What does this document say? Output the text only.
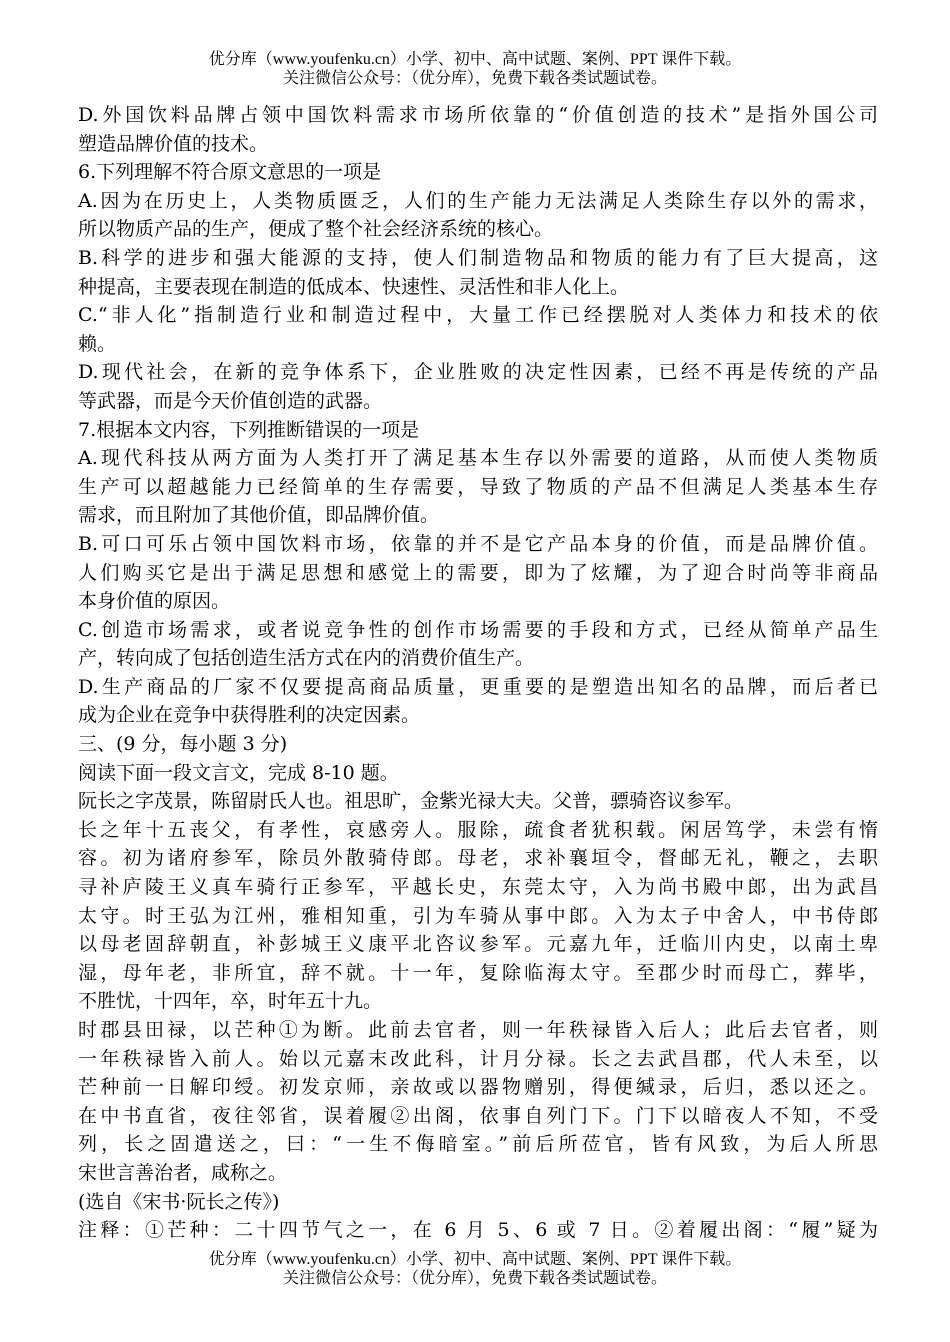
优分库（www.youfenku.cn）小学、初中、高中试题、案例、PPT 课件下载。
关注微信公众号：（优分库），免费下载各类试题试卷。
D.外国饮料品牌占领中国饮料需求市场所依靠的“价值创造的技术”是指外国公司
塑造品牌价值的技术。
6.下列理解不符合原文意思的一项是
A.因为在历史上，人类物质匮乏，人们的生产能力无法满足人类除生存以外的需求，
所以物质产品的生产，便成了整个社会经济系统的核心。
B.科学的进步和强大能源的支持，使人们制造物品和物质的能力有了巨大提高，这
种提高，主要表现在制造的低成本、快速性、灵活性和非人化上。
C.“非人化”指制造行业和制造过程中，大量工作已经摆脱对人类体力和技术的依
赖。
D.现代社会，在新的竞争体系下，企业胜败的决定性因素，已经不再是传统的产品
等武器，而是今天价值创造的武器。
7.根据本文内容，下列推断错误的一项是
A.现代科技从两方面为人类打开了满足基本生存以外需要的道路，从而使人类物质
生产可以超越能力已经简单的生存需要，导致了物质的产品不但满足人类基本生存
需求，而且附加了其他价值，即品牌价值。
B.可口可乐占领中国饮料市场，依靠的并不是它产品本身的价值，而是品牌价值。
人们购买它是出于满足思想和感觉上的需要，即为了炫耀，为了迎合时尚等非商品
本身价值的原因。
C.创造市场需求，或者说竞争性的创作市场需要的手段和方式，已经从简单产品生
产，转向成了包括创造生活方式在内的消费价值生产。
D.生产商品的厂家不仅要提高商品质量，更重要的是塑造出知名的品牌，而后者已
成为企业在竞争中获得胜利的决定因素。
三、(9 分，每小题 3 分)
阅读下面一段文言文，完成 8-10 题。
阮长之字茂景，陈留尉氏人也。祖思旷，金紫光禄大夫。父普，骠骑咨议参军。
长之年十五丧父，有孝性，哀感旁人。服除，疏食者犹积载。闲居笃学，未尝有惰
容。初为诸府参军，除员外散骑侍郎。母老，求补襄垣令，督邮无礼，鞭之，去职
寻补庐陵王义真车骑行正参军，平越长史，东莞太守，入为尚书殿中郎，出为武昌
太守。时王弘为江州，雅相知重，引为车骑从事中郎。入为太子中舍人，中书侍郎
以母老固辞朝直，补彭城王义康平北咨议参军。元嘉九年，迁临川内史，以南土卑
湿，母年老，非所宜，辞不就。十一年，复除临海太守。至郡少时而母亡，葬毕，
不胜忧，十四年，卒，时年五十九。
时郡县田禄，以芒种①为断。此前去官者，则一年秩禄皆入后人；此后去官者，则
一年秩禄皆入前人。始以元嘉末改此科，计月分禄。长之去武昌郡，代人未至，以
芒种前一日解印绶。初发京师，亲故或以器物赠别，得便缄录，后归，悉以还之。
在中书直省，夜往邻省，误着履②出阁，依事自列门下。门下以暗夜人不知，不受
列，长之固遣送之，曰：“一生不侮暗室。”前后所莅官，皆有风致，为后人所思
宋世言善治者，咸称之。
(选自《宋书·阮长之传》)
注释：①芒种：二十四节气之一，在 6 月 5、6 或 7 日。②着履出阁：“履”疑为
优分库（www.youfenku.cn）小学、初中、高中试题、案例、PPT 课件下载。
关注微信公众号：（优分库），免费下载各类试题试卷。
